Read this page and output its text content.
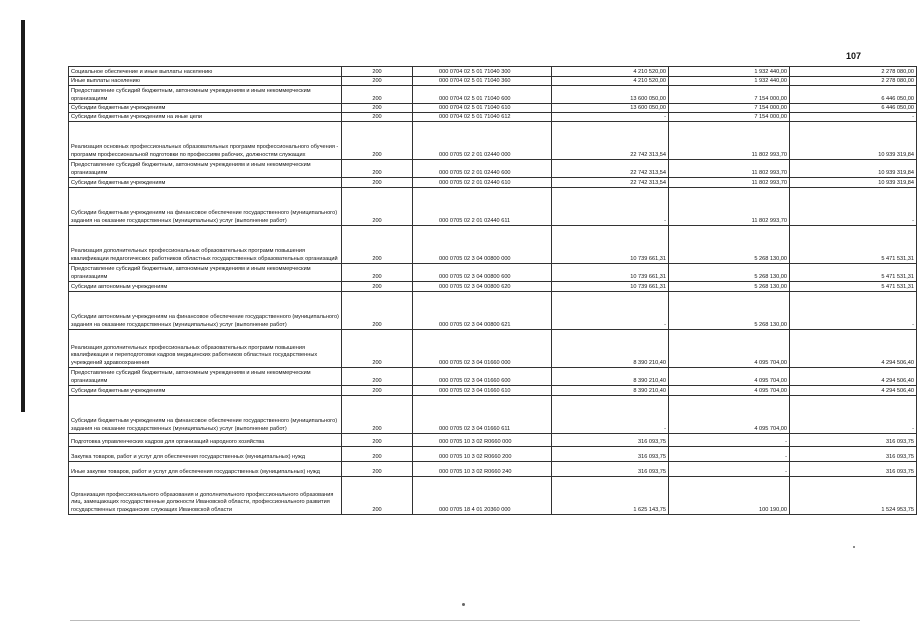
107
Социальное обеспечение и иные выплаты населению	200	000 0704 02 5 01 71040 300	4 210 520,00	1 932 440,00	2 278 080,00
Иные выплаты населению	200	000 0704 02 5 01 71040 360	4 210 520,00	1 932 440,00	2 278 080,00
Предоставление субсидий бюджетным, автономным учреждениям и иным некоммерческим организациям	200	000 0704 02 5 01 71040 600	13 600 050,00	7 154 000,00	6 446 050,00
Субсидии бюджетным учреждениям	200	000 0704 02 5 01 71040 610	13 600 050,00	7 154 000,00	6 446 050,00
Субсидии бюджетным учреждениям на иные цели	200	000 0704 02 5 01 71040 612	-	7 154 000,00	-
Реализация основных профессиональных образовательных программ профессионального обучения - программ профессиональной подготовки по профессиям рабочих, должностям служащих	200	000 0705 02 2 01 02440 000	22 742 313,54	11 802 993,70	10 939 319,84
Предоставление субсидий бюджетным, автономным учреждениям и иным некоммерческим организациям	200	000 0705 02 2 01 02440 600	22 742 313,54	11 802 993,70	10 939 319,84
Субсидии бюджетным учреждениям	200	000 0705 02 2 01 02440 610	22 742 313,54	11 802 993,70	10 939 319,84
Субсидии бюджетным учреждениям на финансовое обеспечение государственного (муниципального) задания на оказание государственных (муниципальных) услуг (выполнение работ)	200	000 0705 02 2 01 02440 611	-	11 802 993,70	-
Реализация дополнительных профессиональных образовательных программ повышения квалификации педагогических работников областных государственных образовательных организаций	200	000 0705 02 3 04 00800 000	10 739 661,31	5 268 130,00	5 471 531,31
Предоставление субсидий бюджетным, автономным учреждениям и иным некоммерческим организациям	200	000 0705 02 3 04 00800 600	10 739 661,31	5 268 130,00	5 471 531,31
Субсидии автономным учреждениям	200	000 0705 02 3 04 00800 620	10 739 661,31	5 268 130,00	5 471 531,31
Субсидии автономным учреждениям на финансовое обеспечение государственного (муниципального) задания на оказание государственных (муниципальных) услуг (выполнение работ)	200	000 0705 02 3 04 00800 621	-	5 268 130,00	-
Реализация дополнительных профессиональных образовательных программ повышения квалификации и переподготовки кадров медицинских работников областных государственных учреждений здравоохранения	200	000 0705 02 3 04 01660 000	8 390 210,40	4 095 704,00	4 294 506,40
Предоставление субсидий бюджетным, автономным учреждениям и иным некоммерческим организациям	200	000 0705 02 3 04 01660 600	8 390 210,40	4 095 704,00	4 294 506,40
Субсидии бюджетным учреждениям	200	000 0705 02 3 04 01660 610	8 390 210,40	4 095 704,00	4 294 506,40
Субсидии бюджетным учреждениям на финансовое обеспечение государственного (муниципального) задания на оказание государственных (муниципальных) услуг (выполнение работ)	200	000 0705 02 3 04 01660 611	-	4 095 704,00	-
Подготовка управленческих кадров для организаций народного хозяйства	200	000 0705 10 3 02 R0660 000	316 093,75	-	316 093,75
Закупка товаров, работ и услуг для обеспечения государственных (муниципальных) нужд	200	000 0705 10 3 02 R0660 200	316 093,75	-	316 093,75
Иные закупки товаров, работ и услуг для обеспечения государственных (муниципальных) нужд	200	000 0705 10 3 02 R0660 240	316 093,75	-	316 093,75
Организация профессионального образования и дополнительного профессионального образования лиц, замещающих государственные должности Ивановской области, профессионального развития государственных гражданских служащих Ивановской области	200	000 0705 18 4 01 20360 000	1 625 143,75	100 190,00	1 524 953,75
